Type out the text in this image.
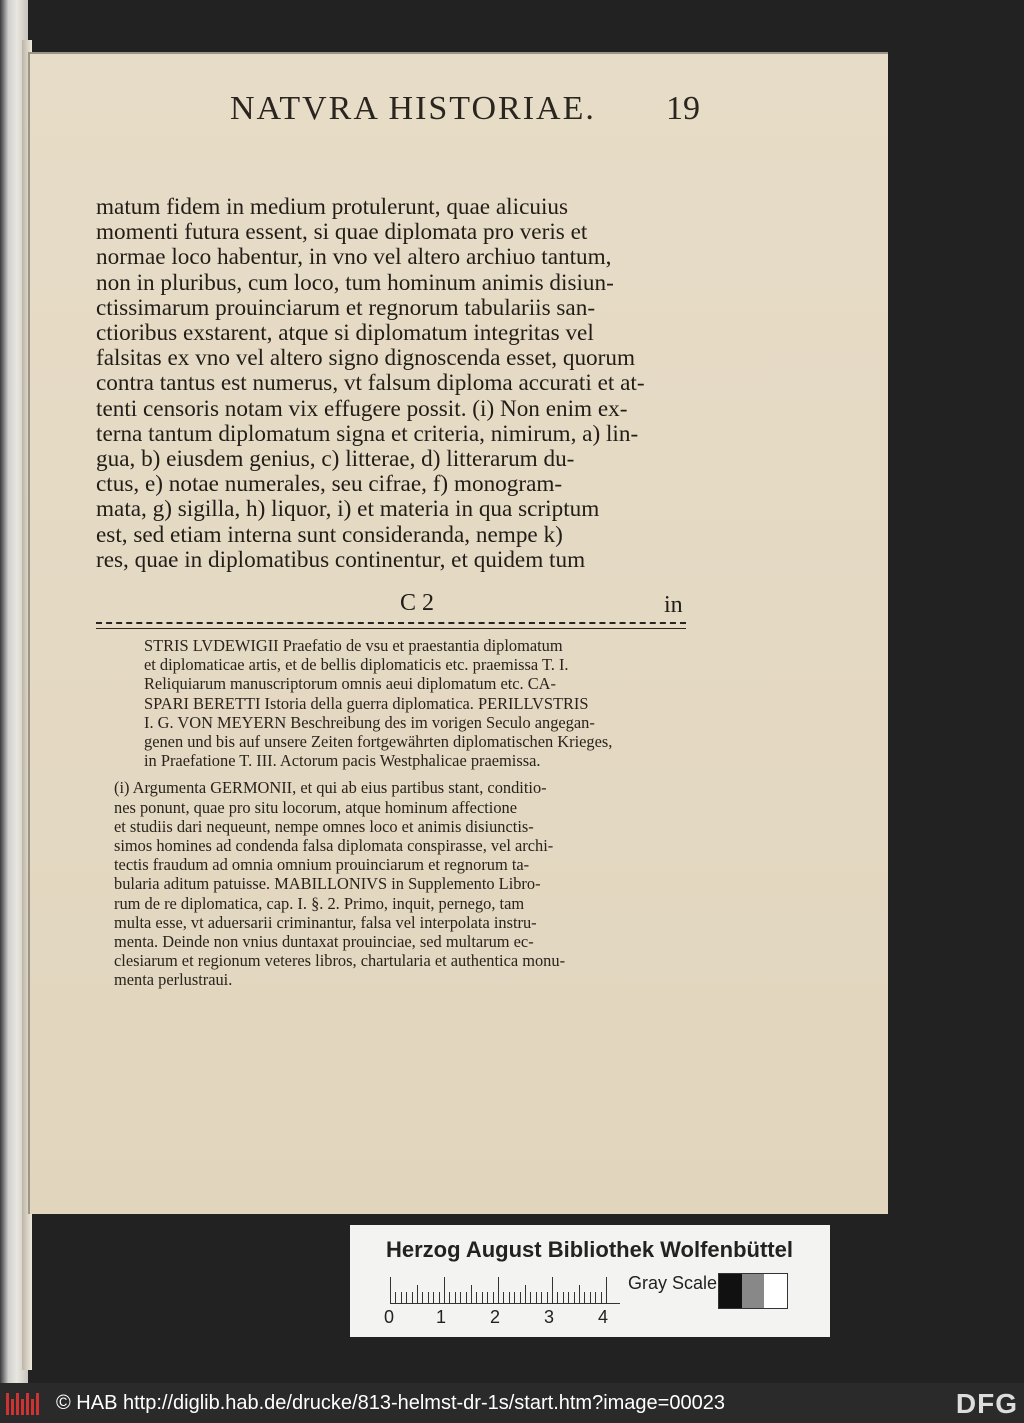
NATVRA HISTORIAE. 19

matum fidem in medium protulerunt, quae alicuius

momenti futura essent, si quae diplomata pro veris et

normae loco habentur, in vno vel altero archiuo tantum,

non in pluribus, cum loco, tum hominum animis disiun-

ctissimarum prouinciarum et regnorum tabulariis san-

ctioribus exstarent, atque si diplomatum integritas vel

falsitas ex vno vel altero signo dignoscenda esset, quorum

contra tantus est numerus, vt falsum diploma accurati et at-

tenti censoris notam vix effugere possit. (i) Non enim ex-

terna tantum diplomatum signa et criteria, nimirum, a) lin-

gua, b) eiusdem genius, c) litterae, d) litterarum du-

ctus, e) notae numerales, seu cifrae, f) monogram-

mata, g) sigilla, h) liquor, i) et materia in qua scriptum

est, sed etiam interna sunt consideranda, nempe k)

res, quae in diplomatibus continentur, et quidem tum

C 2	in
STRIS LVDEWIGII Praefatio de vsu et praestantia diplomatum
et diplomaticae artis, et de bellis diplomaticis etc. praemissa T. I.
Reliquiarum manuscriptorum omnis aeui diplomatum etc. CA-
SPARI BERETTI Istoria della guerra diplomatica. PERILLVSTRIS
I. G. VON MEYERN Beschreibung des im vorigen Seculo angegan-
genen und bis auf unsere Zeiten fortgewährten diplomatischen Krieges,
in Praefatione T. III. Actorum pacis Westphalicae praemissa.
(i) Argumenta GERMONII, et qui ab eius partibus stant, conditio-
nes ponunt, quae pro situ locorum, atque hominum affectione
et studiis dari nequeunt, nempe omnes loco et animis disiunctis-
simos homines ad condenda falsa diplomata conspirasse, vel archi-
tectis fraudum ad omnia omnium prouinciarum et regnorum ta-
bularia aditum patuisse. MABILLONIVS in Supplemento Libro-
rum de re diplomatica, cap. I. §. 2. Primo, inquit, pernego, tam
multa esse, vt aduersarii criminantur, falsa vel interpolata instru-
menta. Deinde non vnius duntaxat prouinciae, sed multarum ec-
clesiarum et regionum veteres libros, chartularia et authentica monu-
menta perlustraui.
Herzog August Bibliothek Wolfenbüttel
0 1 2 3 4
Gray Scale
© HAB http://diglib.hab.de/drucke/813-helmst-dr-1s/start.htm?image=00023	DFG
